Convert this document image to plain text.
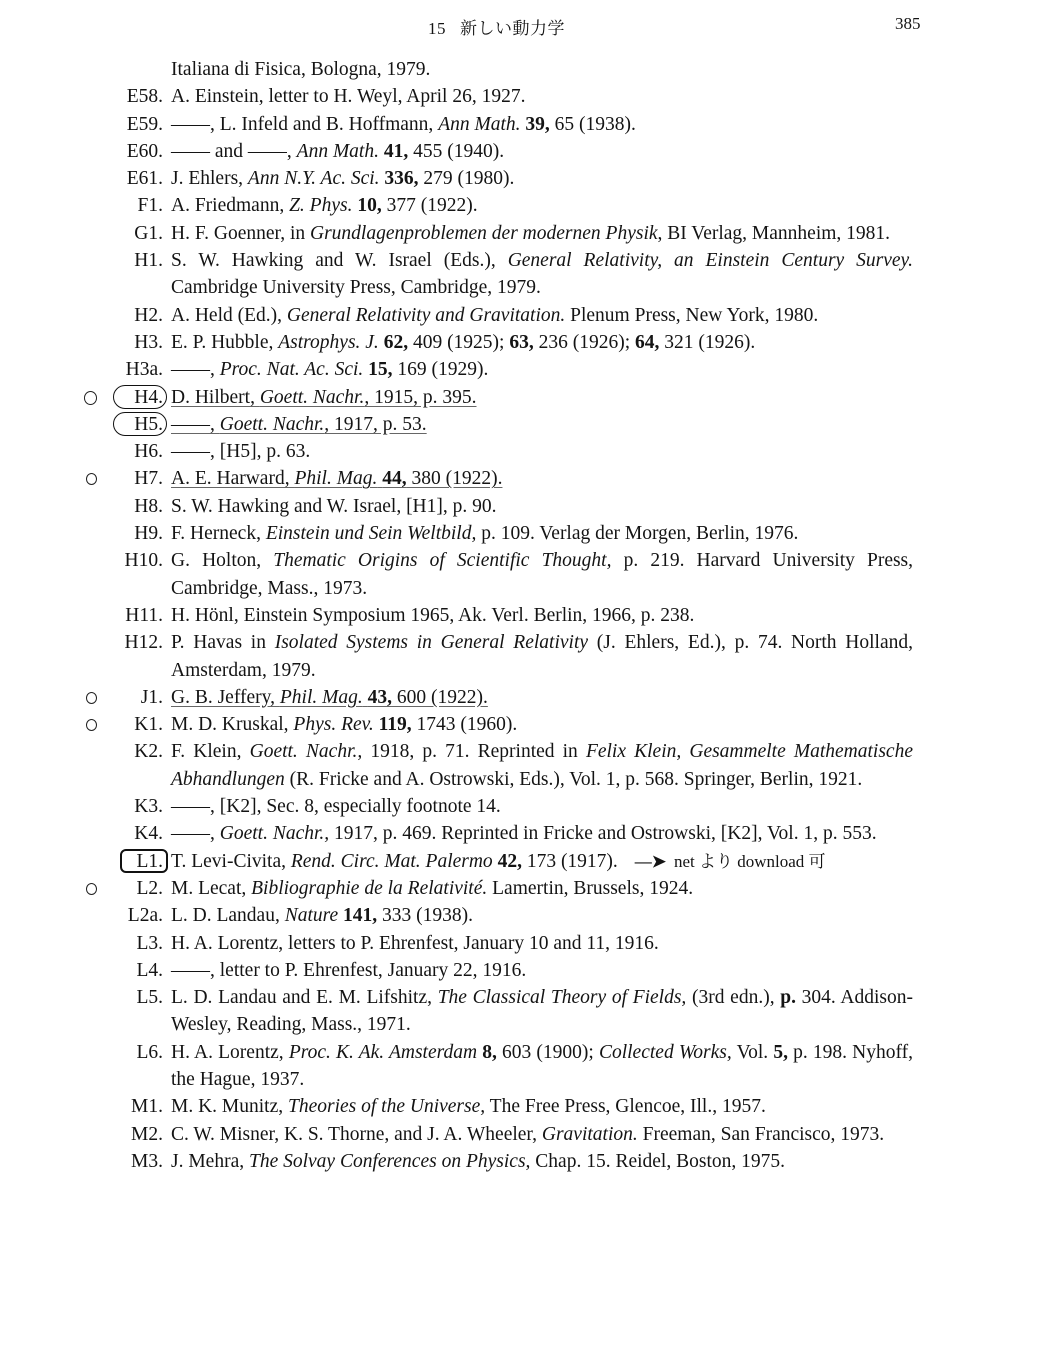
15 新しい動力学	385
Italiana di Fisica, Bologna, 1979.
E58. A. Einstein, letter to H. Weyl, April 26, 1927.
E59. ——, L. Infeld and B. Hoffmann, Ann Math. 39, 65 (1938).
E60. —— and ——, Ann Math. 41, 455 (1940).
E61. J. Ehlers, Ann N.Y. Ac. Sci. 336, 279 (1980).
F1. A. Friedmann, Z. Phys. 10, 377 (1922).
G1. H. F. Goenner, in Grundlagenproblemen der modernen Physik, BI Verlag, Mannheim, 1981.
H1. S. W. Hawking and W. Israel (Eds.), General Relativity, an Einstein Century Survey. Cambridge University Press, Cambridge, 1979.
H2. A. Held (Ed.), General Relativity and Gravitation. Plenum Press, New York, 1980.
H3. E. P. Hubble, Astrophys. J. 62, 409 (1925); 63, 236 (1926); 64, 321 (1926).
H3a. ——, Proc. Nat. Ac. Sci. 15, 169 (1929).
H4. D. Hilbert, Goett. Nachr., 1915, p. 395.
H5. ——, Goett. Nachr., 1917, p. 53.
H6. ——, [H5], p. 63.
H7. A. E. Harward, Phil. Mag. 44, 380 (1922).
H8. S. W. Hawking and W. Israel, [H1], p. 90.
H9. F. Herneck, Einstein und Sein Weltbild, p. 109. Verlag der Morgen, Berlin, 1976.
H10. G. Holton, Thematic Origins of Scientific Thought, p. 219. Harvard University Press, Cambridge, Mass., 1973.
H11. H. Hönl, Einstein Symposium 1965, Ak. Verl. Berlin, 1966, p. 238.
H12. P. Havas in Isolated Systems in General Relativity (J. Ehlers, Ed.), p. 74. North Holland, Amsterdam, 1979.
J1. G. B. Jeffery, Phil. Mag. 43, 600 (1922).
K1. M. D. Kruskal, Phys. Rev. 119, 1743 (1960).
K2. F. Klein, Goett. Nachr., 1918, p. 71. Reprinted in Felix Klein, Gesammelte Mathematische Abhandlungen (R. Fricke and A. Ostrowski, Eds.), Vol. 1, p. 568. Springer, Berlin, 1921.
K3. ——, [K2], Sec. 8, especially footnote 14.
K4. ——, Goett. Nachr., 1917, p. 469. Reprinted in Fricke and Ostrowski, [K2], Vol. 1, p. 553.
L1. T. Levi-Civita, Rend. Circ. Mat. Palermo 42, 173 (1917). —➤ net より download 可
L2. M. Lecat, Bibliographie de la Relativité. Lamertin, Brussels, 1924.
L2a. L. D. Landau, Nature 141, 333 (1938).
L3. H. A. Lorentz, letters to P. Ehrenfest, January 10 and 11, 1916.
L4. ——, letter to P. Ehrenfest, January 22, 1916.
L5. L. D. Landau and E. M. Lifshitz, The Classical Theory of Fields, (3rd edn.), p. 304. Addison-Wesley, Reading, Mass., 1971.
L6. H. A. Lorentz, Proc. K. Ak. Amsterdam 8, 603 (1900); Collected Works, Vol. 5, p. 198. Nyhoff, the Hague, 1937.
M1. M. K. Munitz, Theories of the Universe, The Free Press, Glencoe, Ill., 1957.
M2. C. W. Misner, K. S. Thorne, and J. A. Wheeler, Gravitation. Freeman, San Francisco, 1973.
M3. J. Mehra, The Solvay Conferences on Physics, Chap. 15. Reidel, Boston, 1975.
